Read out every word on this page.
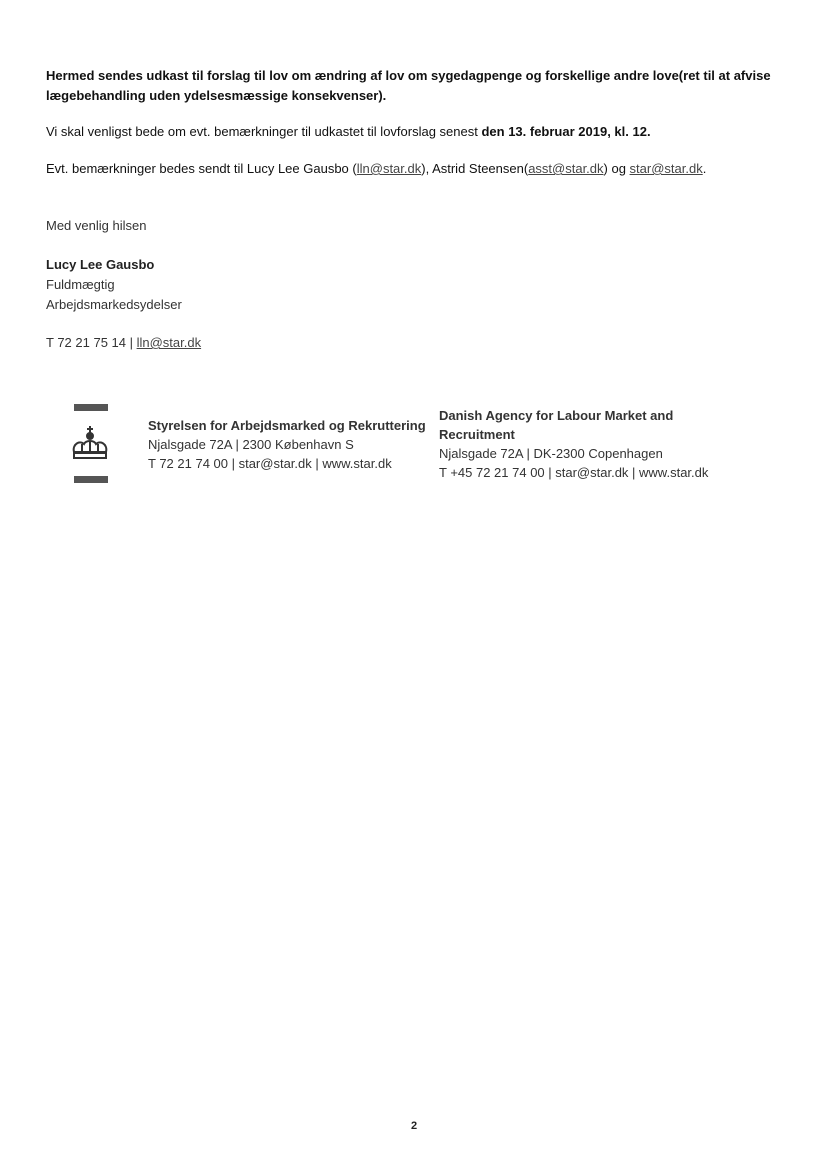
Hermed sendes udkast til forslag til lov om ændring af lov om sygedagpenge og forskellige andre love(ret til at afvise lægebehandling uden ydelsesmæssige konsekvenser).
Vi skal venligst bede om evt. bemærkninger til udkastet til lovforslag senest den 13. februar 2019, kl. 12.
Evt. bemærkninger bedes sendt til Lucy Lee Gausbo (lln@star.dk), Astrid Steensen(asst@star.dk) og star@star.dk.
Med venlig hilsen
Lucy Lee Gausbo
Fuldmægtig
Arbejdsmarkedsydelser
T 72 21 75 14 | lln@star.dk
Styrelsen for Arbejdsmarked og Rekruttering
Njalsgade 72A | 2300 København S
T 72 21 74 00 | star@star.dk | www.star.dk
Danish Agency for Labour Market and
Recruitment
Njalsgade 72A | DK-2300 Copenhagen
T +45 72 21 74 00 | star@star.dk | www.star.dk
2
